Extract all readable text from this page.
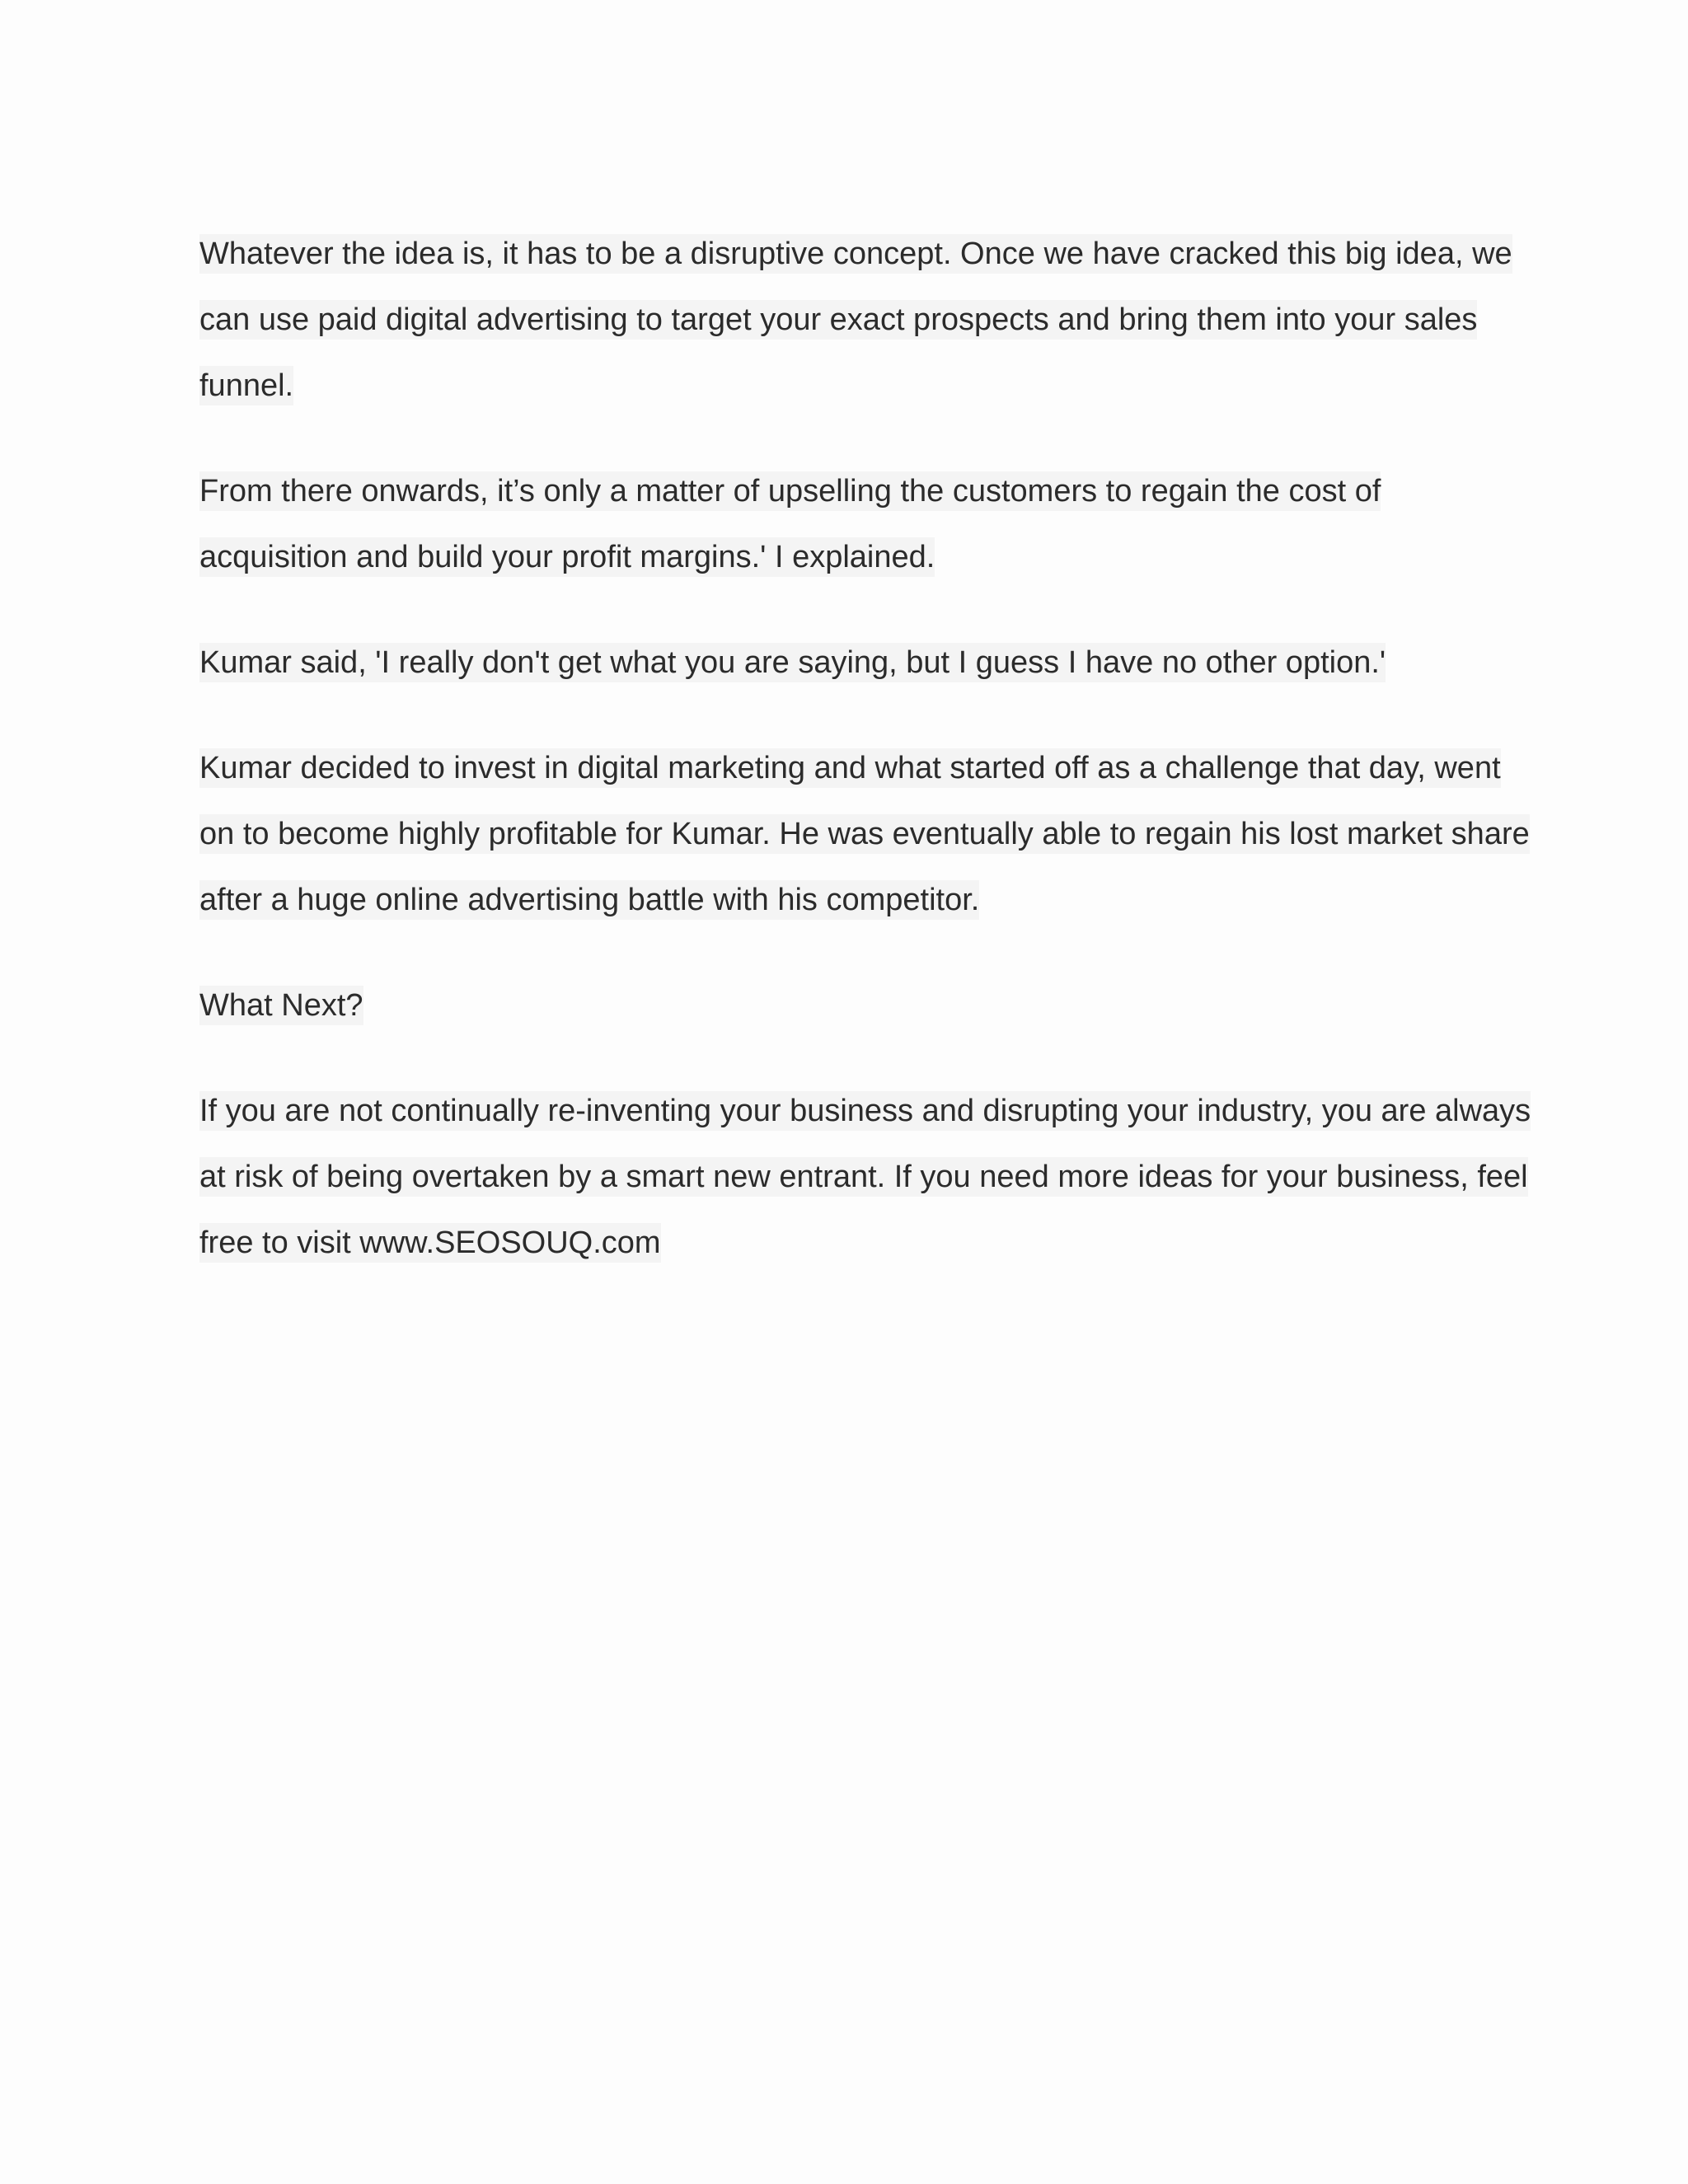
Whatever the idea is, it has to be a disruptive concept. Once we have cracked this big idea, we can use paid digital advertising to target your exact prospects and bring them into your sales funnel.

From there onwards, it’s only a matter of upselling the customers to regain the cost of acquisition and build your profit margins.' I explained.

Kumar said, 'I really don't get what you are saying, but I guess I have no other option.'

Kumar decided to invest in digital marketing and what started off as a challenge that day, went on to become highly profitable for Kumar. He was eventually able to regain his lost market share after a huge online advertising battle with his competitor.

What Next?

If you are not continually re-inventing your business and disrupting your industry, you are always at risk of being overtaken by a smart new entrant. If you need more ideas for your business, feel free to visit www.SEOSOUQ.com
